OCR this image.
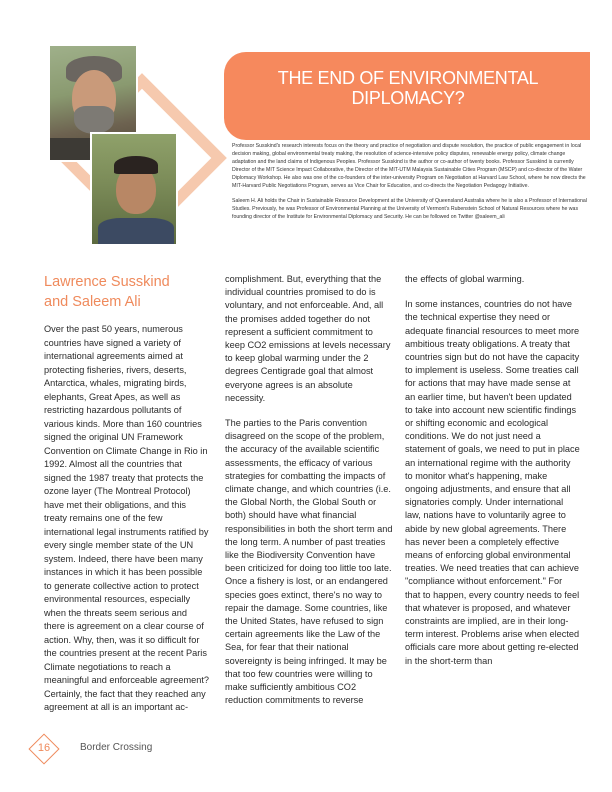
THE END OF ENVIRONMENTAL DIPLOMACY?

Professor Susskind's research interests focus on the theory and practice of negotiation and dispute resolution, the practice of public engagement in local decision making, global environmental treaty making, the resolution of science-intensive policy disputes, renewable energy policy, climate change adaptation and the land claims of Indigenous Peoples. Professor Susskind is the author or co-author of twenty books. Professor Susskind is currently Director of the MIT Science Impact Collaborative, the Director of the MIT-UTM Malaysia Sustainable Cities Program (MSCP) and co-director of the Water Diplomacy Workshop. He also was one of the co-founders of the inter-university Program on Negotiation at Harvard Law School, where he now directs the MIT-Harvard Public Negotiations Program, serves as Vice Chair for Education, and co-directs the Negotiation Pedagogy Initiative.

Saleem H. Ali holds the Chair in Sustainable Resource Development at the University of Queensland Australia where he is also a Professor of International Studies. Previously, he was Professor of Environmental Planning at the University of Vermont's Rubenstein School of Natural Resources where he was founding director of the Institute for Environmental Diplomacy and Security. He can be followed on Twitter @saleem_ali

Lawrence Susskind and Saleem Ali

Over the past 50 years, numerous countries have signed a variety of international agreements aimed at protecting fisheries, rivers, deserts, Antarctica, whales, migrating birds, elephants, Great Apes, as well as restricting hazardous pollutants of various kinds. More than 160 countries signed the original UN Framework Convention on Climate Change in Rio in 1992. Almost all the countries that signed the 1987 treaty that protects the ozone layer (The Montreal Protocol) have met their obligations, and this treaty remains one of the few international legal instruments ratified by every single member state of the UN system. Indeed, there have been many instances in which it has been possible to generate collective action to protect environmental resources, especially when the threats seem serious and there is agreement on a clear course of action. Why, then, was it so difficult for the countries present at the recent Paris Climate negotiations to reach a meaningful and enforceable agreement? Certainly, the fact that they reached any agreement at all is an important ac-

complishment. But, everything that the individual countries promised to do is voluntary, and not enforceable. And, all the promises added together do not represent a sufficient commitment to keep CO2 emissions at levels necessary to keep global warming under the 2 degrees Centigrade goal that almost everyone agrees is an absolute necessity.

The parties to the Paris convention disagreed on the scope of the problem, the accuracy of the available scientific assessments, the efficacy of various strategies for combatting the impacts of climate change, and which countries (i.e. the Global North, the Global South or both) should have what financial responsibilities in both the short term and the long term. A number of past treaties like the Biodiversity Convention have been criticized for doing too little too late. Once a fishery is lost, or an endangered species goes extinct, there's no way to repair the damage. Some countries, like the United States, have refused to sign certain agreements like the Law of the Sea, for fear that their national sovereignty is being infringed. It may be that too few countries were willing to make sufficiently ambitious CO2 reduction commitments to reverse

the effects of global warming.

In some instances, countries do not have the technical expertise they need or adequate financial resources to meet more ambitious treaty obligations. A treaty that countries sign but do not have the capacity to implement is useless. Some treaties call for actions that may have made sense at an earlier time, but haven't been updated to take into account new scientific findings or shifting economic and ecological conditions. We do not just need a statement of goals, we need to put in place an international regime with the authority to monitor what's happening, make ongoing adjustments, and ensure that all signatories comply. Under international law, nations have to voluntarily agree to abide by new global agreements. There has never been a completely effective means of enforcing global environmental treaties. We need treaties that can achieve "compliance without enforcement." For that to happen, every country needs to feel that whatever is proposed, and whatever constraints are implied, are in their long-term interest. Problems arise when elected officials care more about getting re-elected in the short-term than

16	Border Crossing
